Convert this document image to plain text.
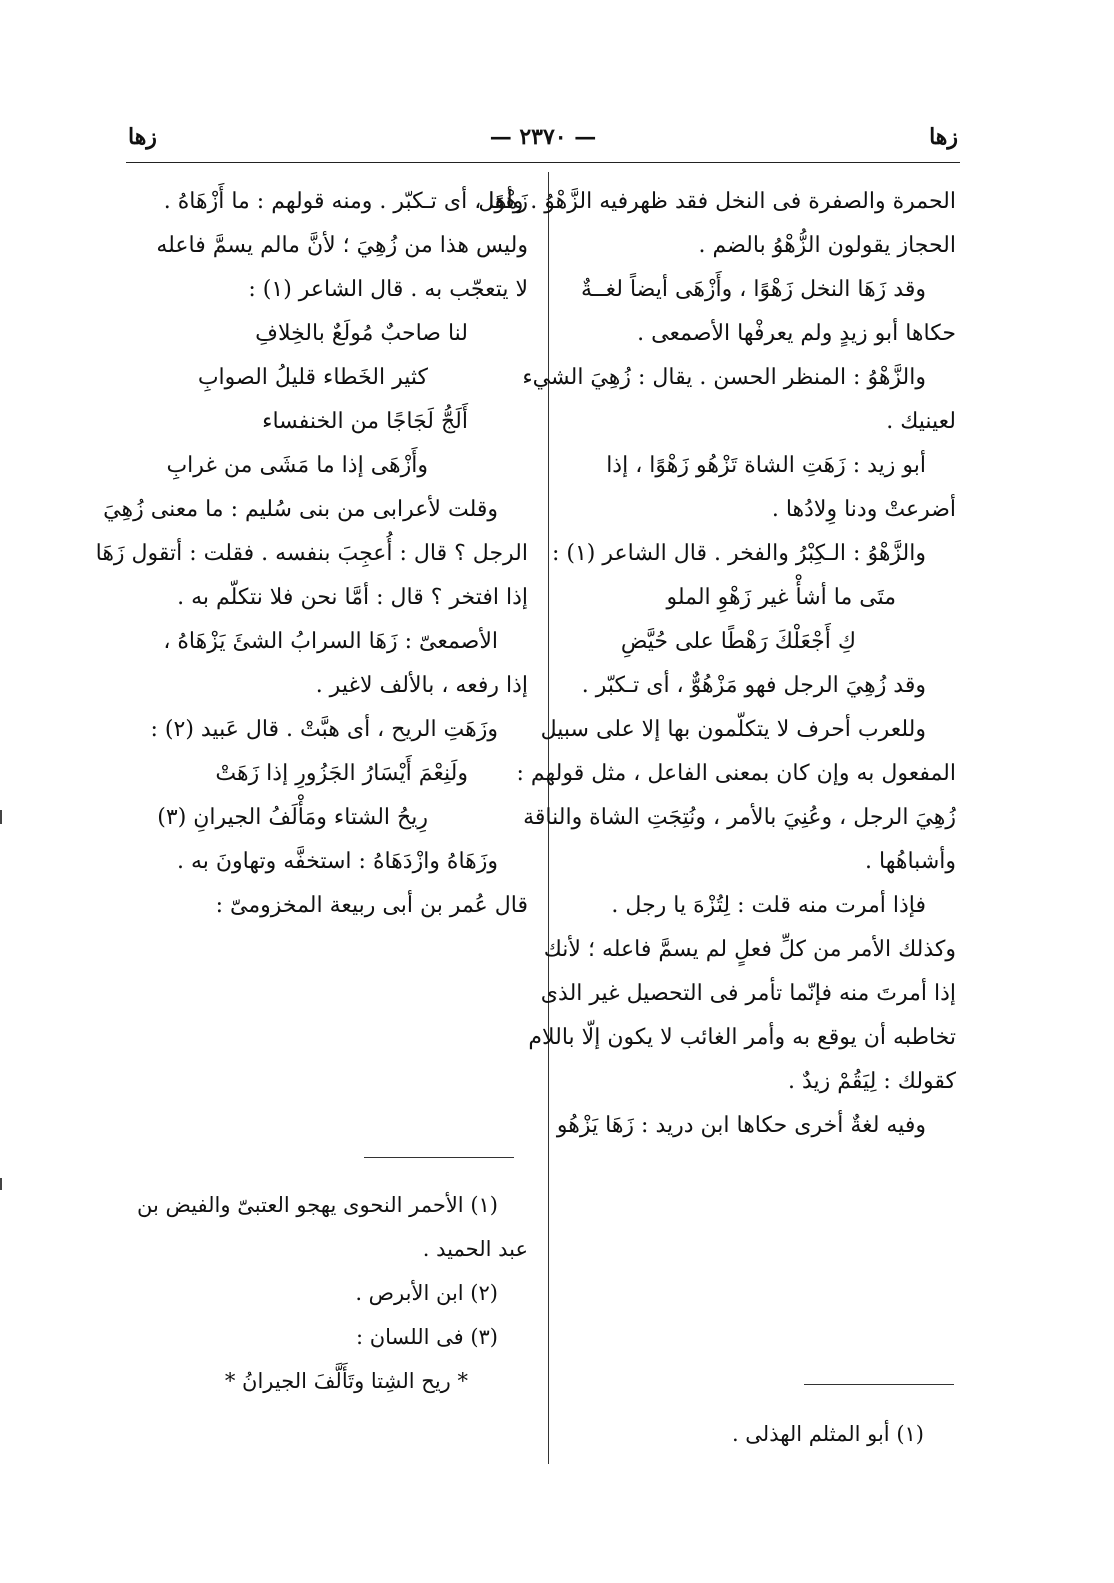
زها
— ٢٣٧٠ —
زها
الحمرة والصفرة فى النخل فقد ظهرفيه الزَّهْوُ . وأهل
الحجاز يقولون الزُّهْوُ بالضم .
وقد زَهَا النخل زَهْوًا ، وأَزْهَى أيضاً لغــةٌ
حكاها أبو زيدٍ ولم يعرفْها الأصمعى .
والزَّهْوُ : المنظر الحسن . يقال : زُهِيَ الشيء
لعينيك .
أبو زيد : زَهَتِ الشاة تَزْهُو زَهْوًا ، إذا
أضرعتْ ودنا وِلادُها .
والزَّهْوُ : الـكِبْرُ والفخر . قال الشاعر (١) :
متَى ما أشأْ غير زَهْوِ الملو
كِ أَجْعَلْكَ رَهْطًا على حُيَّضِ
وقد زُهِيَ الرجل فهو مَزْهُوٌّ ، أى تـكبّر .
وللعرب أحرف لا يتكلّمون بها إلا على سبيل
المفعول به وإن كان بمعنى الفاعل ، مثل قولهم :
زُهِيَ الرجل ، وعُنِيَ بالأمر ، ونُتِجَتِ الشاة والناقة
وأشباهُها .
فإذا أمرت منه قلت : لِتُزْهَ يا رجل .
وكذلك الأمر من كلِّ فعلٍ لم يسمَّ فاعله ؛ لأنك
إذا أمرتَ منه فإنّما تأمر فى التحصيل غير الذى
تخاطبه أن يوقع به وأمر الغائب لا يكون إلّا باللام
كقولك : لِيَقُمْ زيدٌ .
وفيه لغةٌ أخرى حكاها ابن دريد : زَهَا يَزْهُو
زَهْوًا ، أى تـكبّر . ومنه قولهم : ما أَزْهَاهُ .
وليس هذا من زُهِيَ ؛ لأنَّ مالم يسمَّ فاعله
لا يتعجّب به . قال الشاعر (١) :
لنا صاحبٌ مُولَعٌ بالخِلافِ
كثير الخَطاء قليلُ الصوابِ
أَلَجُّ لَجَاجًا من الخنفساء
وأَزْهَى إذا ما مَشَى من غرابِ
وقلت لأعرابى من بنى سُليم : ما معنى زُهِيَ
الرجل ؟ قال : أُعجِبَ بنفسه . فقلت : أتقول زَهَا
إذا افتخر ؟ قال : أمَّا نحن فلا نتكلّم به .
الأصمعىّ : زَهَا السرابُ الشئَ يَزْهَاهُ ،
إذا رفعه ، بالألف لاغير .
وزَهَتِ الريح ، أى هبَّتْ . قال عَبيد (٢) :
ولَنِعْمَ أَيْسَارُ الجَزُورِ إذا زَهَتْ
رِيحُ الشتاء ومَأْلَفُ الجيرانِ (٣)
وزَهَاهُ وازْدَهَاهُ : استخفَّه وتهاونَ به .
قال عُمر بن أبى ربيعة المخزومىّ :
(١) أبو المثلم الهذلى .
(١) الأحمر النحوى يهجو العتبىّ والفيض بن
عبد الحميد .
(٢) ابن الأبرص .
(٣) فى اللسان :
* ريح الشِتا وتَأَلَّفَ الجيرانُ *
